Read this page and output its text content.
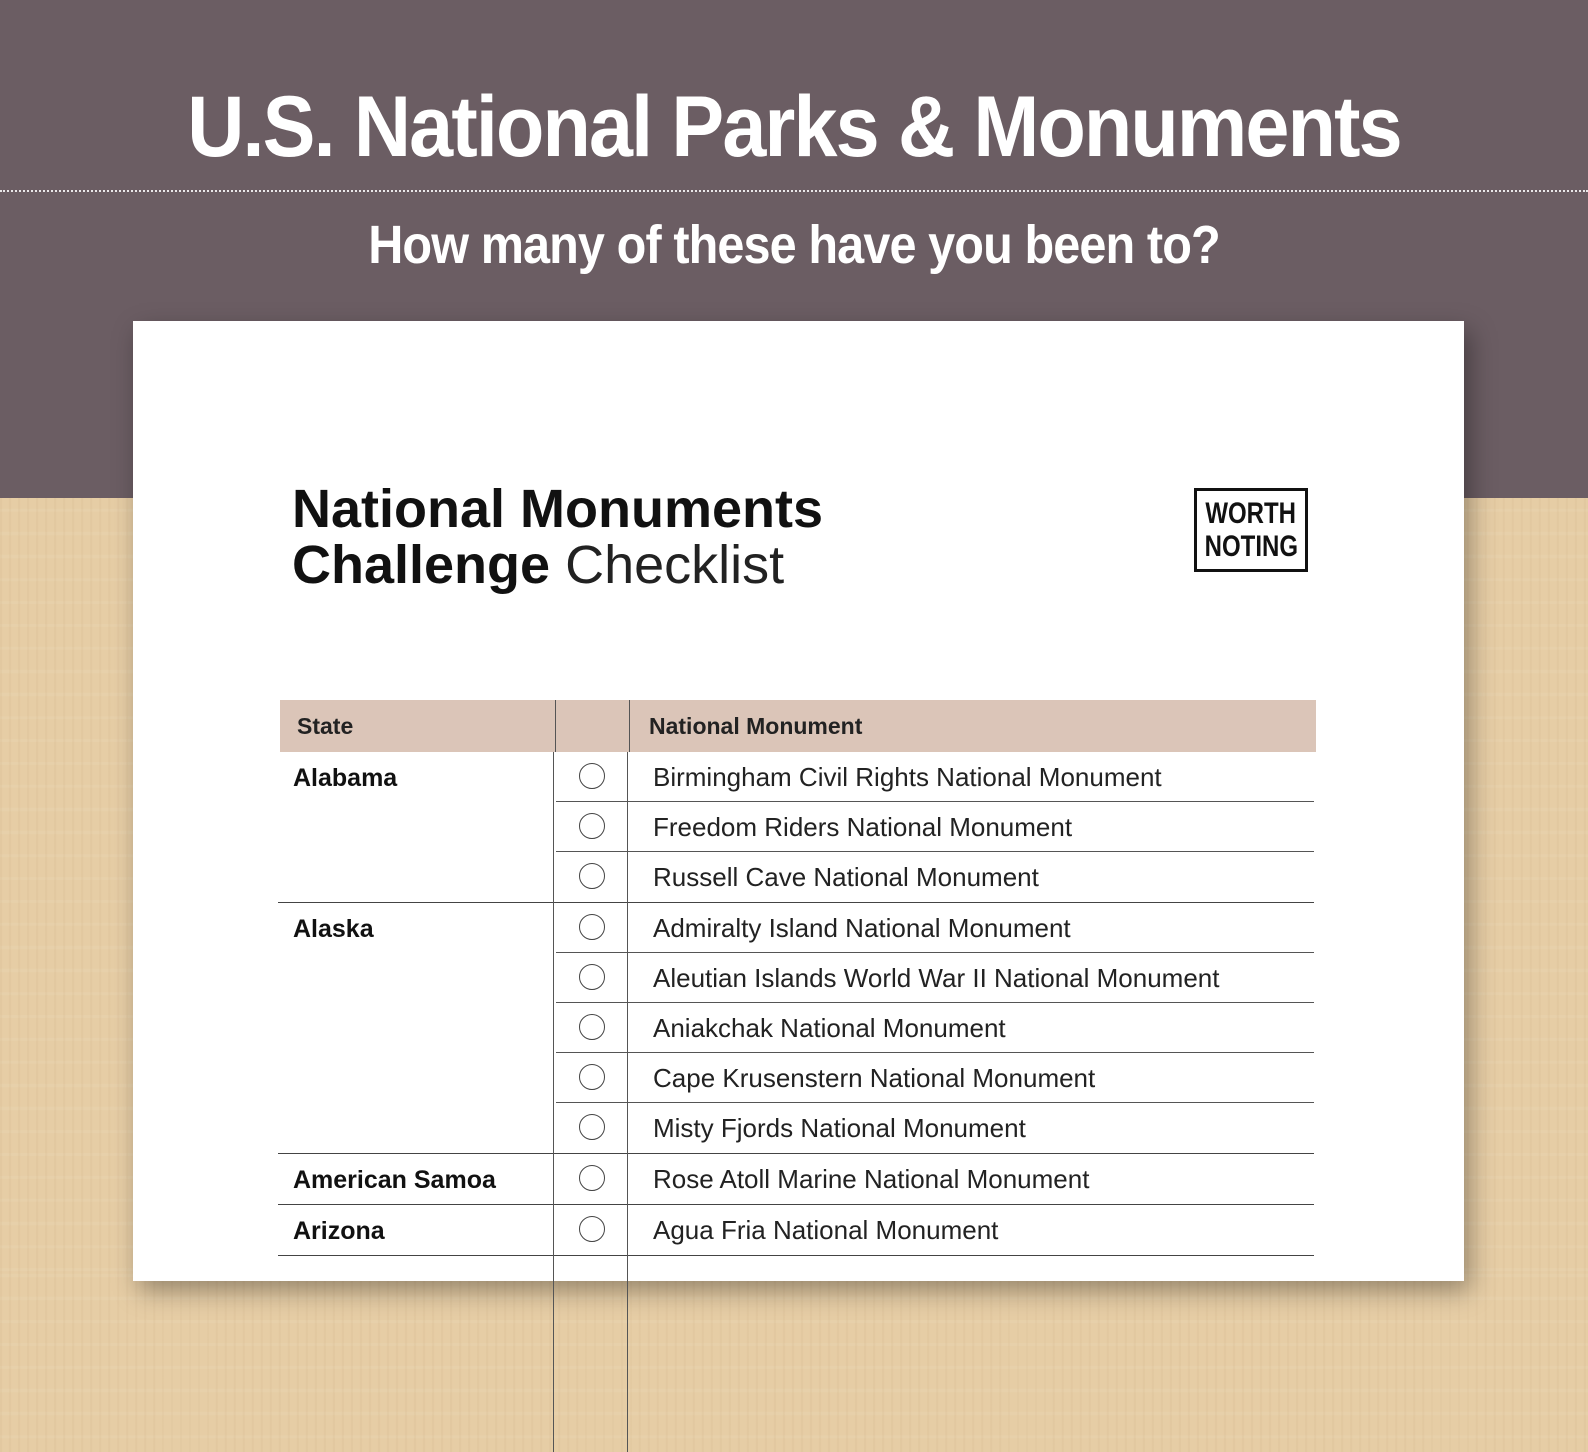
U.S. National Parks & Monuments
How many of these have you been to?
National Monuments
Challenge Checklist
WORTH
NOTING
State	National Monument
Alabama	Birmingham Civil Rights National Monument
Freedom Riders National Monument
Russell Cave National Monument
Alaska	Admiralty Island National Monument
Aleutian Islands World War II National Monument
Aniakchak National Monument
Cape Krusenstern National Monument
Misty Fjords National Monument
American Samoa	Rose Atoll Marine National Monument
Arizona	Agua Fria National Monument
